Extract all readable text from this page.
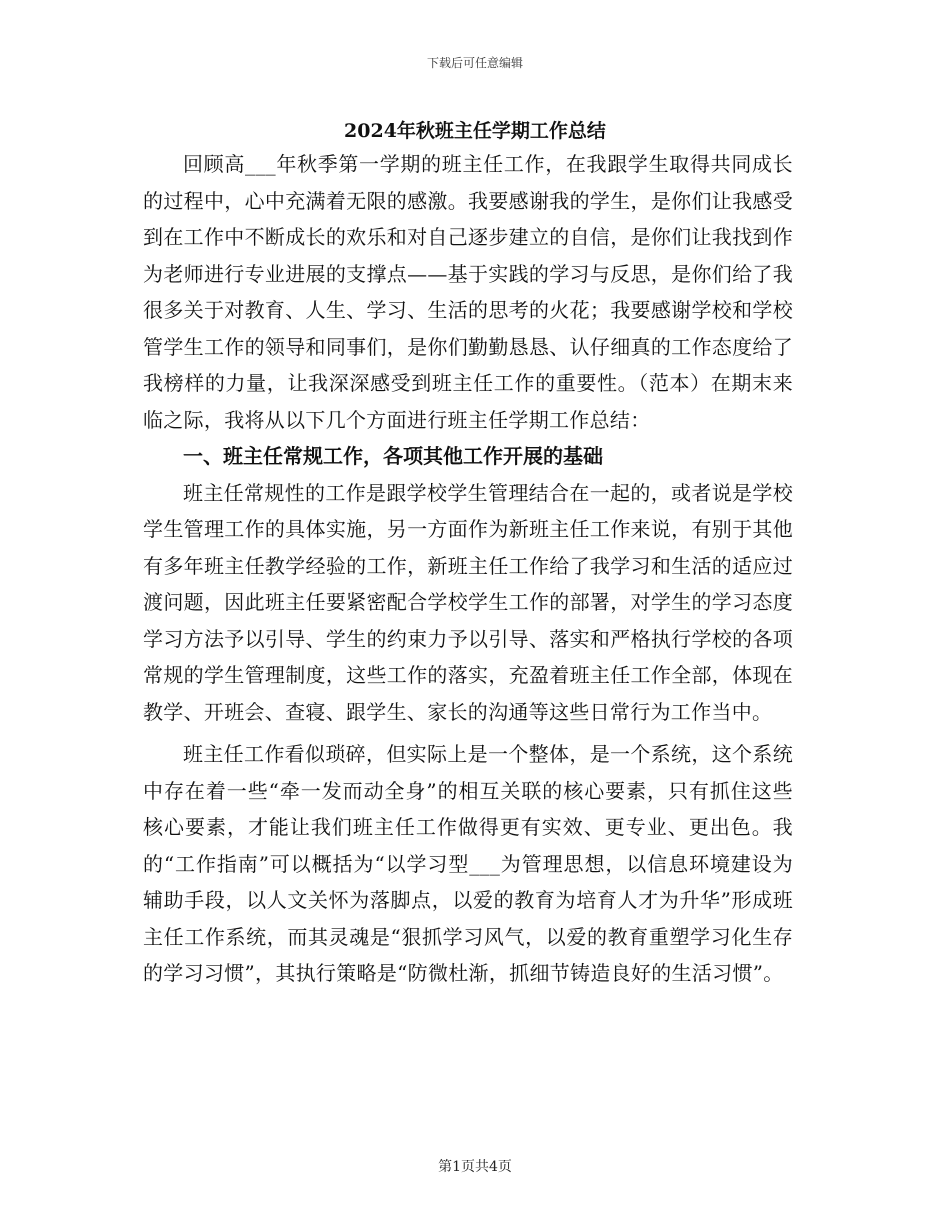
下载后可任意编辑
2024年秋班主任学期工作总结

回顾高___年秋季第一学期的班主任工作，在我跟学生取得共同成长的过程中，心中充满着无限的感激。我要感谢我的学生，是你们让我感受到在工作中不断成长的欢乐和对自己逐步建立的自信，是你们让我找到作为老师进行专业进展的支撑点——基于实践的学习与反思，是你们给了我很多关于对教育、人生、学习、生活的思考的火花；我要感谢学校和学校管学生工作的领导和同事们，是你们勤勤恳恳、认仔细真的工作态度给了我榜样的力量，让我深深感受到班主任工作的重要性。（范本）在期末来临之际，我将从以下几个方面进行班主任学期工作总结：

一、班主任常规工作，各项其他工作开展的基础

班主任常规性的工作是跟学校学生管理结合在一起的，或者说是学校学生管理工作的具体实施，另一方面作为新班主任工作来说，有别于其他有多年班主任教学经验的工作，新班主任工作给了我学习和生活的适应过渡问题，因此班主任要紧密配合学校学生工作的部署，对学生的学习态度学习方法予以引导、学生的约束力予以引导、落实和严格执行学校的各项常规的学生管理制度，这些工作的落实，充盈着班主任工作全部，体现在教学、开班会、查寝、跟学生、家长的沟通等这些日常行为工作当中。

班主任工作看似琐碎，但实际上是一个整体，是一个系统，这个系统中存在着一些“牵一发而动全身”的相互关联的核心要素，只有抓住这些核心要素，才能让我们班主任工作做得更有实效、更专业、更出色。我的“工作指南”可以概括为“以学习型___为管理思想，以信息环境建设为辅助手段，以人文关怀为落脚点，以爱的教育为培育人才为升华”形成班主任工作系统，而其灵魂是“狠抓学习风气，以爱的教育重塑学习化生存的学习习惯”，其执行策略是“防微杜渐，抓细节铸造良好的生活习惯”。

第1页共4页
